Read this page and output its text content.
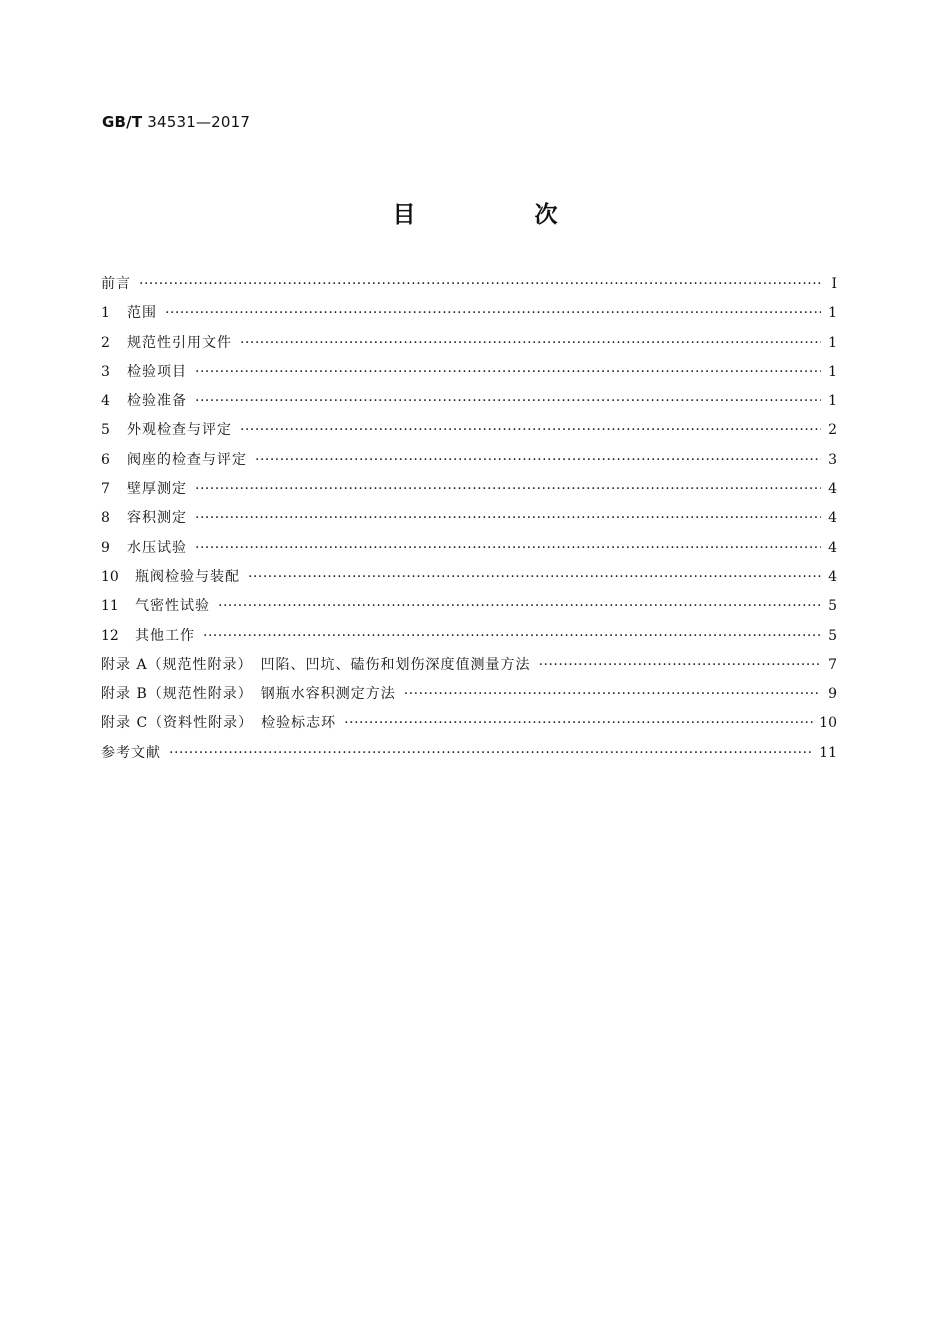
GB/T 34531—2017
目　次
前言 ·····	Ⅰ
1	范围 ·····	1
2	规范性引用文件 ·····	1
3	检验项目 ·····	1
4	检验准备 ·····	1
5	外观检查与评定 ·····	2
6	阀座的检查与评定 ·····	3
7	壁厚测定 ·····	4
8	容积测定 ·····	4
9	水压试验 ·····	4
10	瓶阀检验与装配 ·····	4
11	气密性试验 ·····	5
12	其他工作 ·····	5
附录 A（规范性附录）　凹陷、凹坑、磕伤和划伤深度值测量方法 ·····	7
附录 B（规范性附录）　钢瓶水容积测定方法 ·····	9
附录 C（资料性附录）　检验标志环 ·····	10
参考文献 ·····	11
